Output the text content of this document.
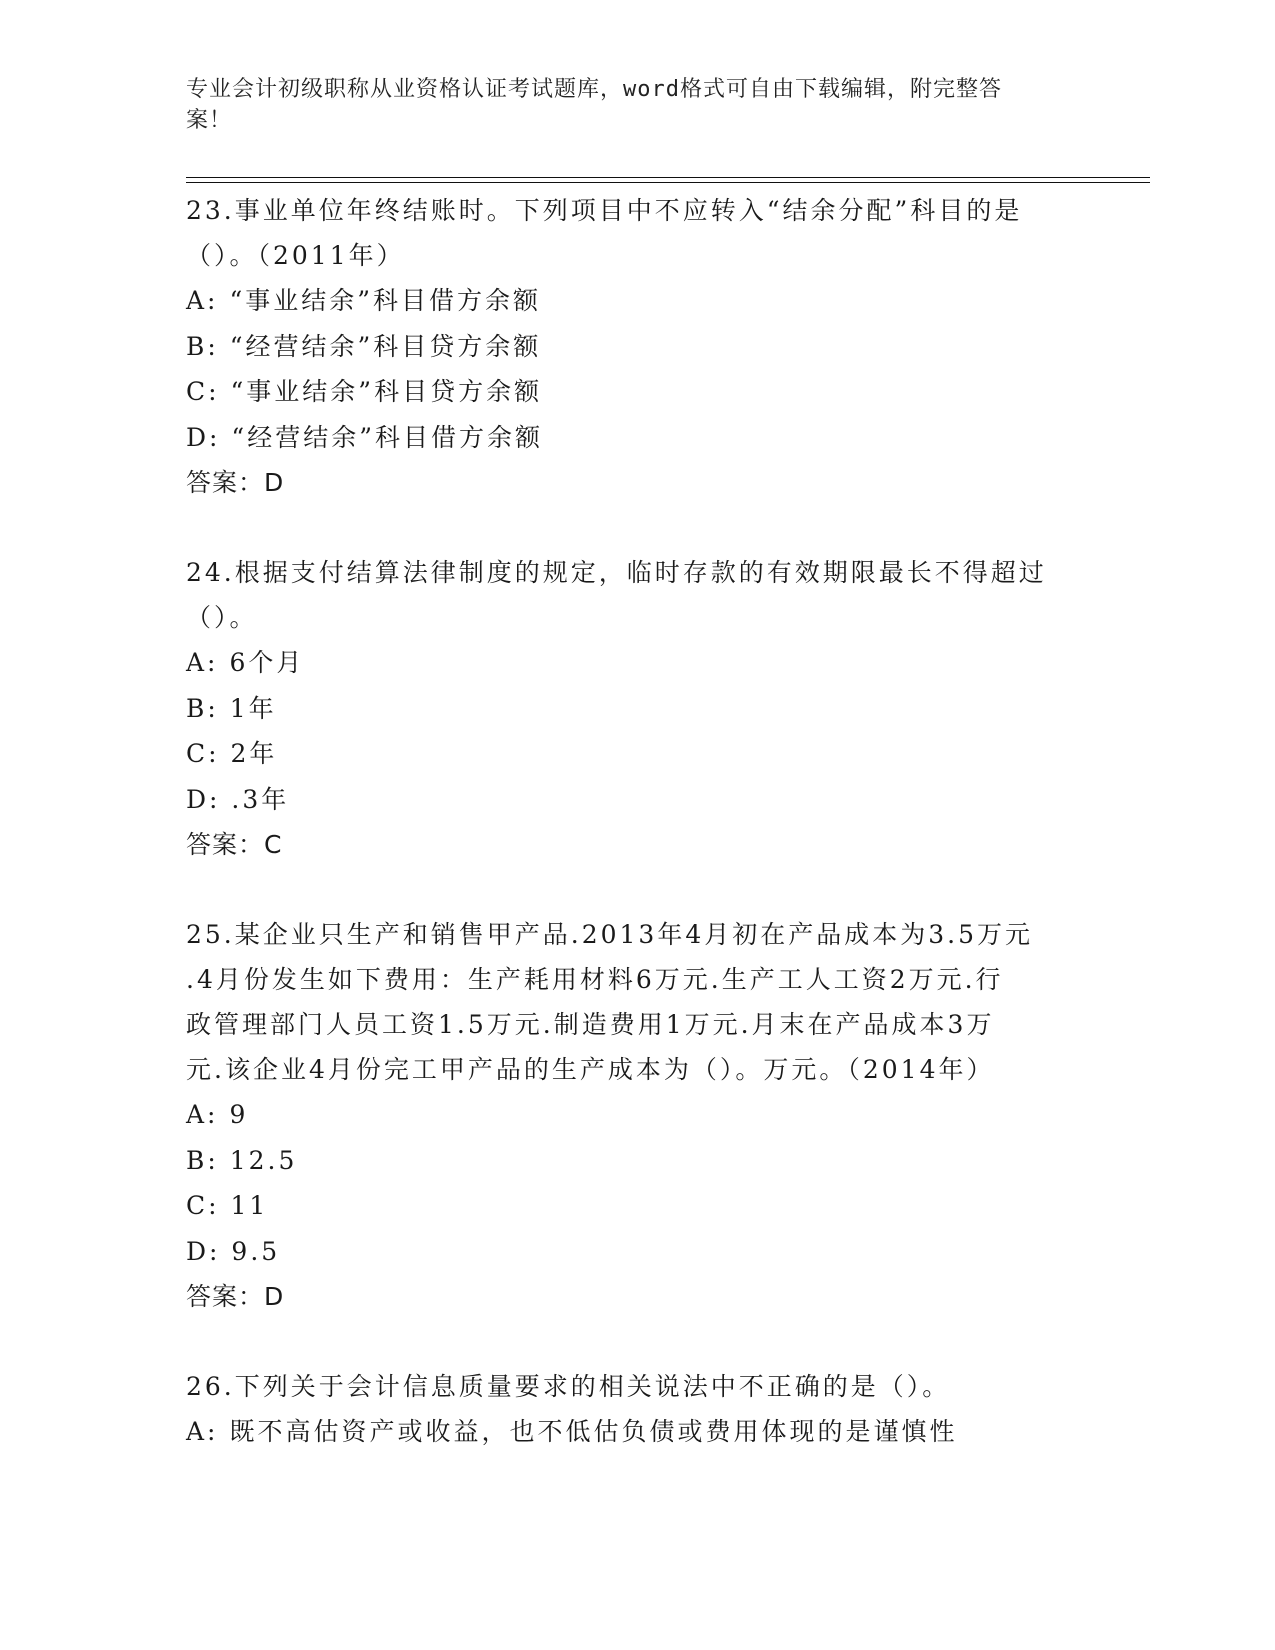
专业会计初级职称从业资格认证考试题库，word格式可自由下载编辑，附完整答
案！
23.事业单位年终结账时。下列项目中不应转入“结余分配”科目的是
（）。（2011年）
A: “事业结余”科目借方余额
B: “经营结余”科目贷方余额
C: “事业结余”科目贷方余额
D: “经营结余”科目借方余额
答案：D
24.根据支付结算法律制度的规定，临时存款的有效期限最长不得超过
（）。
A: 6个月
B: 1年
C: 2年
D: .3年
答案：C
25.某企业只生产和销售甲产品.2013年4月初在产品成本为3.5万元
.4月份发生如下费用：生产耗用材料6万元.生产工人工资2万元.行
政管理部门人员工资1.5万元.制造费用1万元.月末在产品成本3万
元.该企业4月份完工甲产品的生产成本为（）。万元。（2014年）
A: 9
B: 12.5
C: 11
D: 9.5
答案：D
26.下列关于会计信息质量要求的相关说法中不正确的是（）。
A: 既不高估资产或收益，也不低估负债或费用体现的是谨慎性
